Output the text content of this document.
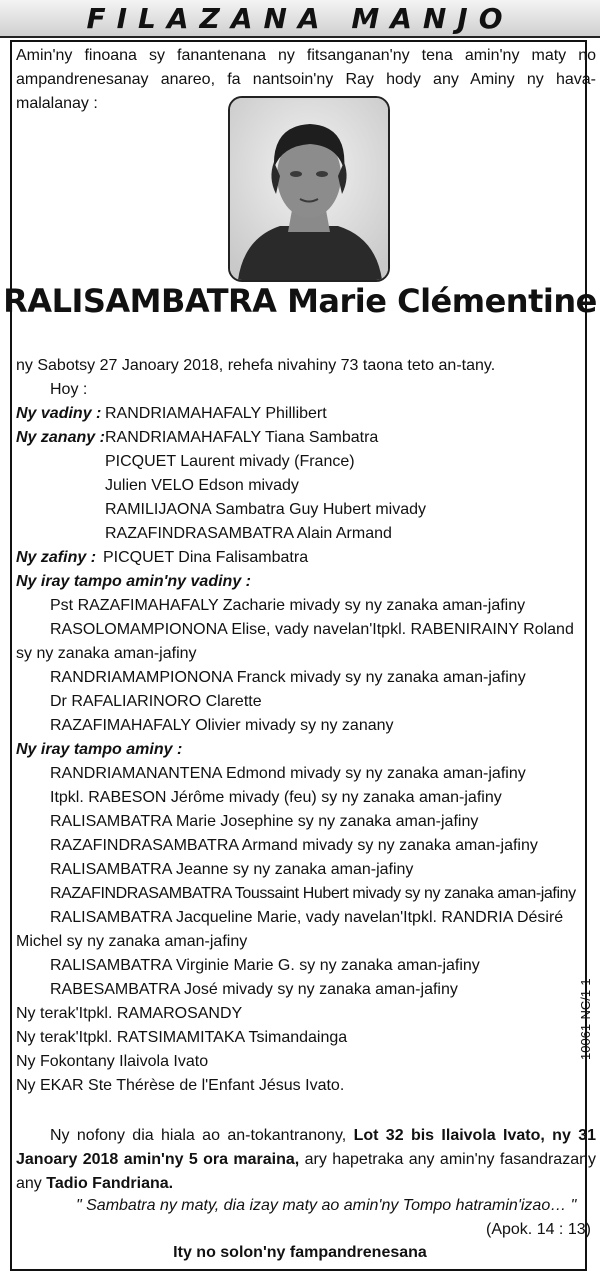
FILAZANA MANJO
Amin'ny finoana sy fanantenana ny fitsanganan'ny tena amin'ny maty no ampandrenesanay anareo, fa nantsoin'ny Ray hody any Aminy ny hava-malalanay :
RALISAMBATRA Marie Clémentine
ny Sabotsy 27 Janoary 2018, rehefa nivahiny 73 taona teto an-tany.
Hoy :
Ny vadiny : RANDRIAMAHAFALY Phillibert
Ny zanany : RANDRIAMAHAFALY Tiana Sambatra
PICQUET Laurent mivady (France)
Julien VELO Edson mivady
RAMILIJAONA Sambatra Guy Hubert mivady
RAZAFINDRASAMBATRA Alain Armand
Ny zafiny : PICQUET Dina Falisambatra
Ny iray tampo amin'ny vadiny :
Pst RAZAFIMAHAFALY Zacharie mivady sy ny zanaka aman-jafiny
RASOLOMAMPIONONA Elise, vady navelan'Itpkl. RABENIRAINY Roland
sy ny zanaka aman-jafiny
RANDRIAMAMPIONONA Franck mivady sy ny zanaka aman-jafiny
Dr RAFALIARINORO Clarette
RAZAFIMAHAFALY Olivier mivady sy ny zanany
Ny iray tampo aminy :
RANDRIAMANANTENA Edmond mivady sy ny zanaka aman-jafiny
Itpkl. RABESON Jérôme mivady (feu) sy ny zanaka aman-jafiny
RALISAMBATRA Marie Josephine sy ny zanaka aman-jafiny
RAZAFINDRASAMBATRA Armand mivady sy ny zanaka aman-jafiny
RALISAMBATRA Jeanne sy ny zanaka aman-jafiny
RAZAFINDRASAMBATRA Toussaint Hubert mivady sy ny zanaka aman-jafiny
RALISAMBATRA Jacqueline Marie, vady navelan'Itpkl. RANDRIA Désiré
Michel sy ny zanaka aman-jafiny
RALISAMBATRA Virginie Marie G. sy ny zanaka aman-jafiny
RABESAMBATRA José mivady sy ny zanaka aman-jafiny
Ny terak'Itpkl. RAMAROSANDY
Ny terak'Itpkl. RATSIMAMITAKA Tsimandainga
Ny Fokontany Ilaivola Ivato
Ny EKAR Ste Thérèse de l'Enfant Jésus Ivato.
10061-NC/1-1
Ny nofony dia hiala ao an-tokantranony, Lot 32 bis Ilaivola Ivato, ny 31 Janoary 2018 amin'ny 5 ora maraina, ary hapetraka any amin'ny fasandrazany any Tadio Fandriana.
" Sambatra ny maty, dia izay maty ao amin'ny Tompo hatramin'izao… "
(Apok. 14 : 13)
Ity no solon'ny fampandrenesana
